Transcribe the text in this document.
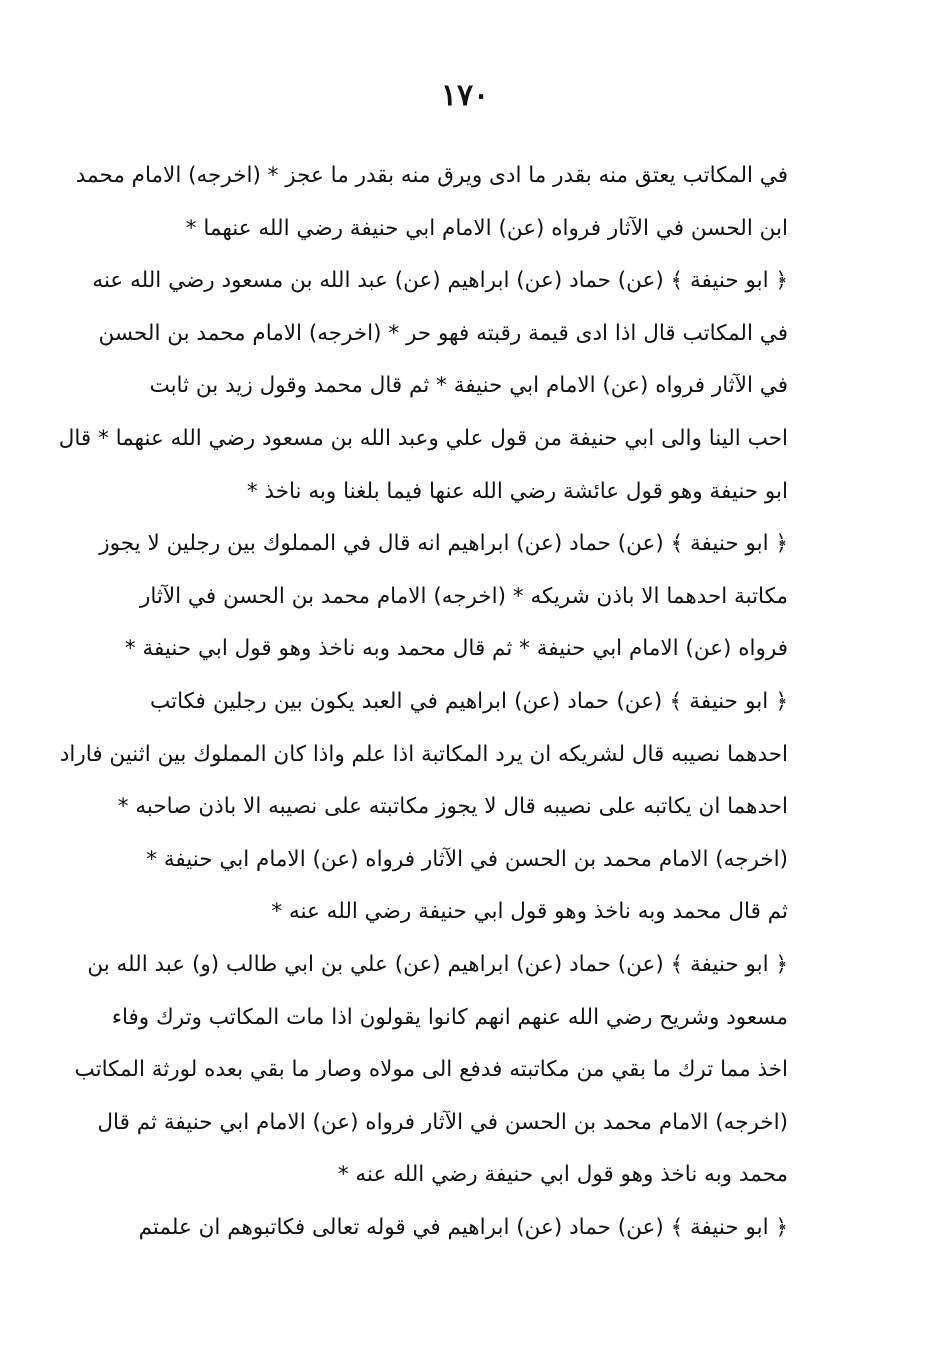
١٧٠
في المكاتب يعتق منه بقدر ما ادى ويرق منه بقدر ما عجز * (اخرجه) الامام محمد
ابن الحسن في الآثار فرواه (عن) الامام ابي حنيفة رضي الله عنهما *
﴿ ابو حنيفة ﴾ (عن) حماد (عن) ابراهيم (عن) عبد الله بن مسعود رضي الله عنه
في المكاتب قال اذا ادى قيمة رقبته فهو حر * (اخرجه) الامام محمد بن الحسن
في الآثار فرواه (عن) الامام ابي حنيفة * ثم قال محمد وقول زيد بن ثابت
احب الينا والى ابي حنيفة من قول علي وعبد الله بن مسعود رضي الله عنهما * قال
ابو حنيفة وهو قول عائشة رضي الله عنها فيما بلغنا وبه ناخذ *
﴿ ابو حنيفة ﴾ (عن) حماد (عن) ابراهيم انه قال في المملوك بين رجلين لا يجوز
مكاتبة احدهما الا باذن شريكه * (اخرجه) الامام محمد بن الحسن في الآثار
فرواه (عن) الامام ابي حنيفة * ثم قال محمد وبه ناخذ وهو قول ابي حنيفة *
﴿ ابو حنيفة ﴾ (عن) حماد (عن) ابراهيم في العبد يكون بين رجلين فكاتب
احدهما نصيبه قال لشريكه ان يرد المكاتبة اذا علم واذا كان المملوك بين اثنين فاراد
احدهما ان يكاتبه على نصيبه قال لا يجوز مكاتبته على نصيبه الا باذن صاحبه *
(اخرجه) الامام محمد بن الحسن في الآثار فرواه (عن) الامام ابي حنيفة *
ثم قال محمد وبه ناخذ وهو قول ابي حنيفة رضي الله عنه *
﴿ ابو حنيفة ﴾ (عن) حماد (عن) ابراهيم (عن) علي بن ابي طالب (و) عبد الله بن
مسعود وشريح رضي الله عنهم انهم كانوا يقولون اذا مات المكاتب وترك وفاء
اخذ مما ترك ما بقي من مكاتبته فدفع الى مولاه وصار ما بقي بعده لورثة المكاتب
(اخرجه) الامام محمد بن الحسن في الآثار فرواه (عن) الامام ابي حنيفة ثم قال
محمد وبه ناخذ وهو قول ابي حنيفة رضي الله عنه *
﴿ ابو حنيفة ﴾ (عن) حماد (عن) ابراهيم في قوله تعالى فكاتبوهم ان علمتم
